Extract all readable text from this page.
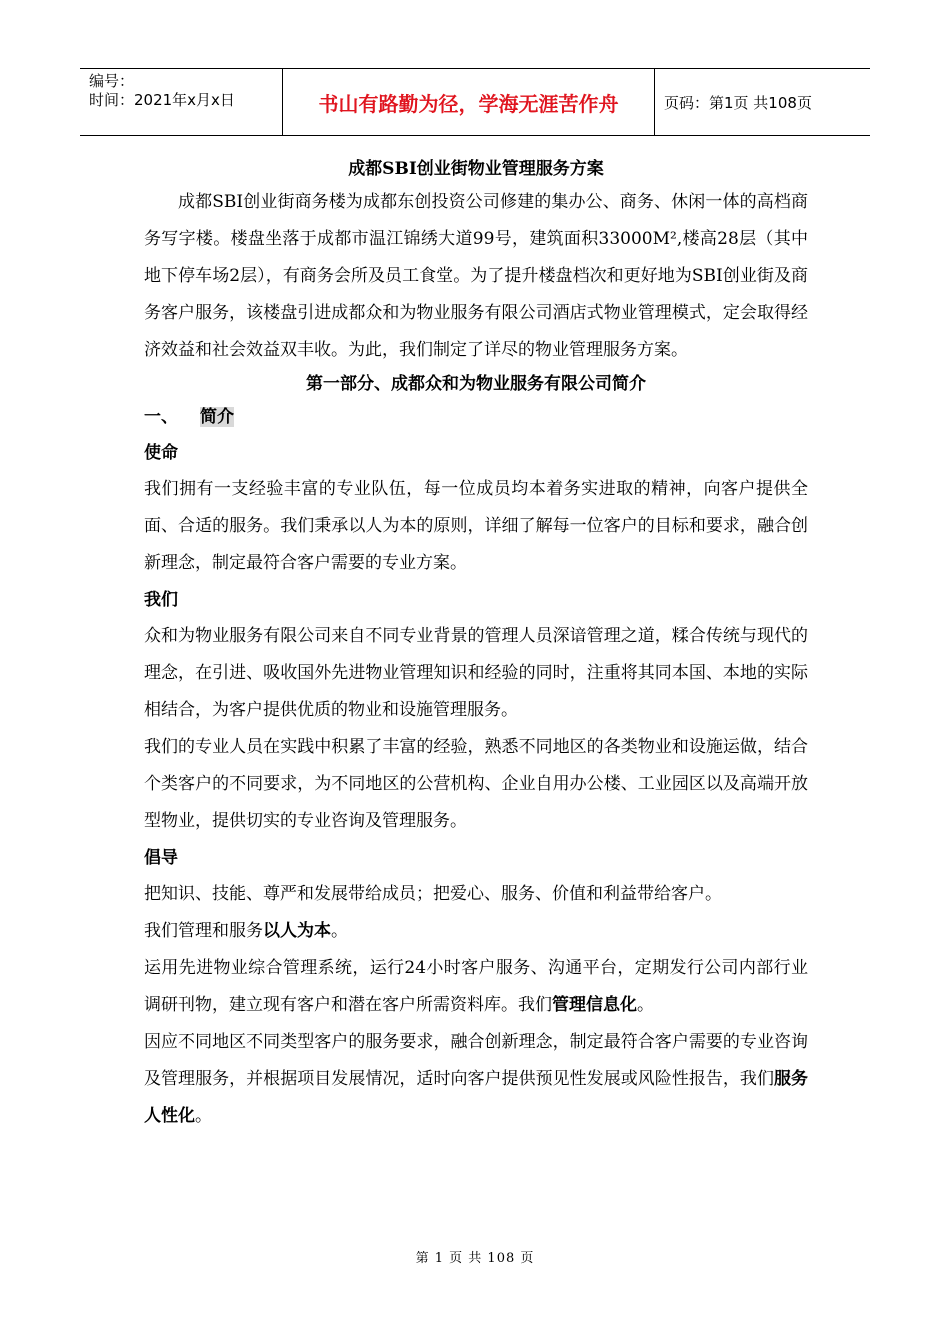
编号：
时间：2021年x月x日	书山有路勤为径，学海无涯苦作舟	页码：第1页 共108页
成都SBI创业街物业管理服务方案

成都SBI创业街商务楼为成都东创投资公司修建的集办公、商务、休闲一体的高档商务写字楼。楼盘坐落于成都市温江锦绣大道99号，建筑面积33000M²,楼高28层（其中地下停车场2层），有商务会所及员工食堂。为了提升楼盘档次和更好地为SBI创业街及商务客户服务，该楼盘引进成都众和为物业服务有限公司酒店式物业管理模式，定会取得经济效益和社会效益双丰收。为此，我们制定了详尽的物业管理服务方案。

第一部分、成都众和为物业服务有限公司简介
一、 简介
使命

我们拥有一支经验丰富的专业队伍，每一位成员均本着务实进取的精神，向客户提供全面、合适的服务。我们秉承以人为本的原则，详细了解每一位客户的目标和要求，融合创新理念，制定最符合客户需要的专业方案。

我们

众和为物业服务有限公司来自不同专业背景的管理人员深谙管理之道，糅合传统与现代的理念，在引进、吸收国外先进物业管理知识和经验的同时，注重将其同本国、本地的实际相结合，为客户提供优质的物业和设施管理服务。

我们的专业人员在实践中积累了丰富的经验，熟悉不同地区的各类物业和设施运做，结合个类客户的不同要求，为不同地区的公营机构、企业自用办公楼、工业园区以及高端开放型物业，提供切实的专业咨询及管理服务。

倡导

把知识、技能、尊严和发展带给成员；把爱心、服务、价值和利益带给客户。

我们管理和服务以人为本。

运用先进物业综合管理系统，运行24小时客户服务、沟通平台，定期发行公司内部行业调研刊物，建立现有客户和潜在客户所需资料库。我们管理信息化。

因应不同地区不同类型客户的服务要求，融合创新理念，制定最符合客户需要的专业咨询及管理服务，并根据项目发展情况，适时向客户提供预见性发展或风险性报告，我们服务人性化。

第 1 页 共 108 页
